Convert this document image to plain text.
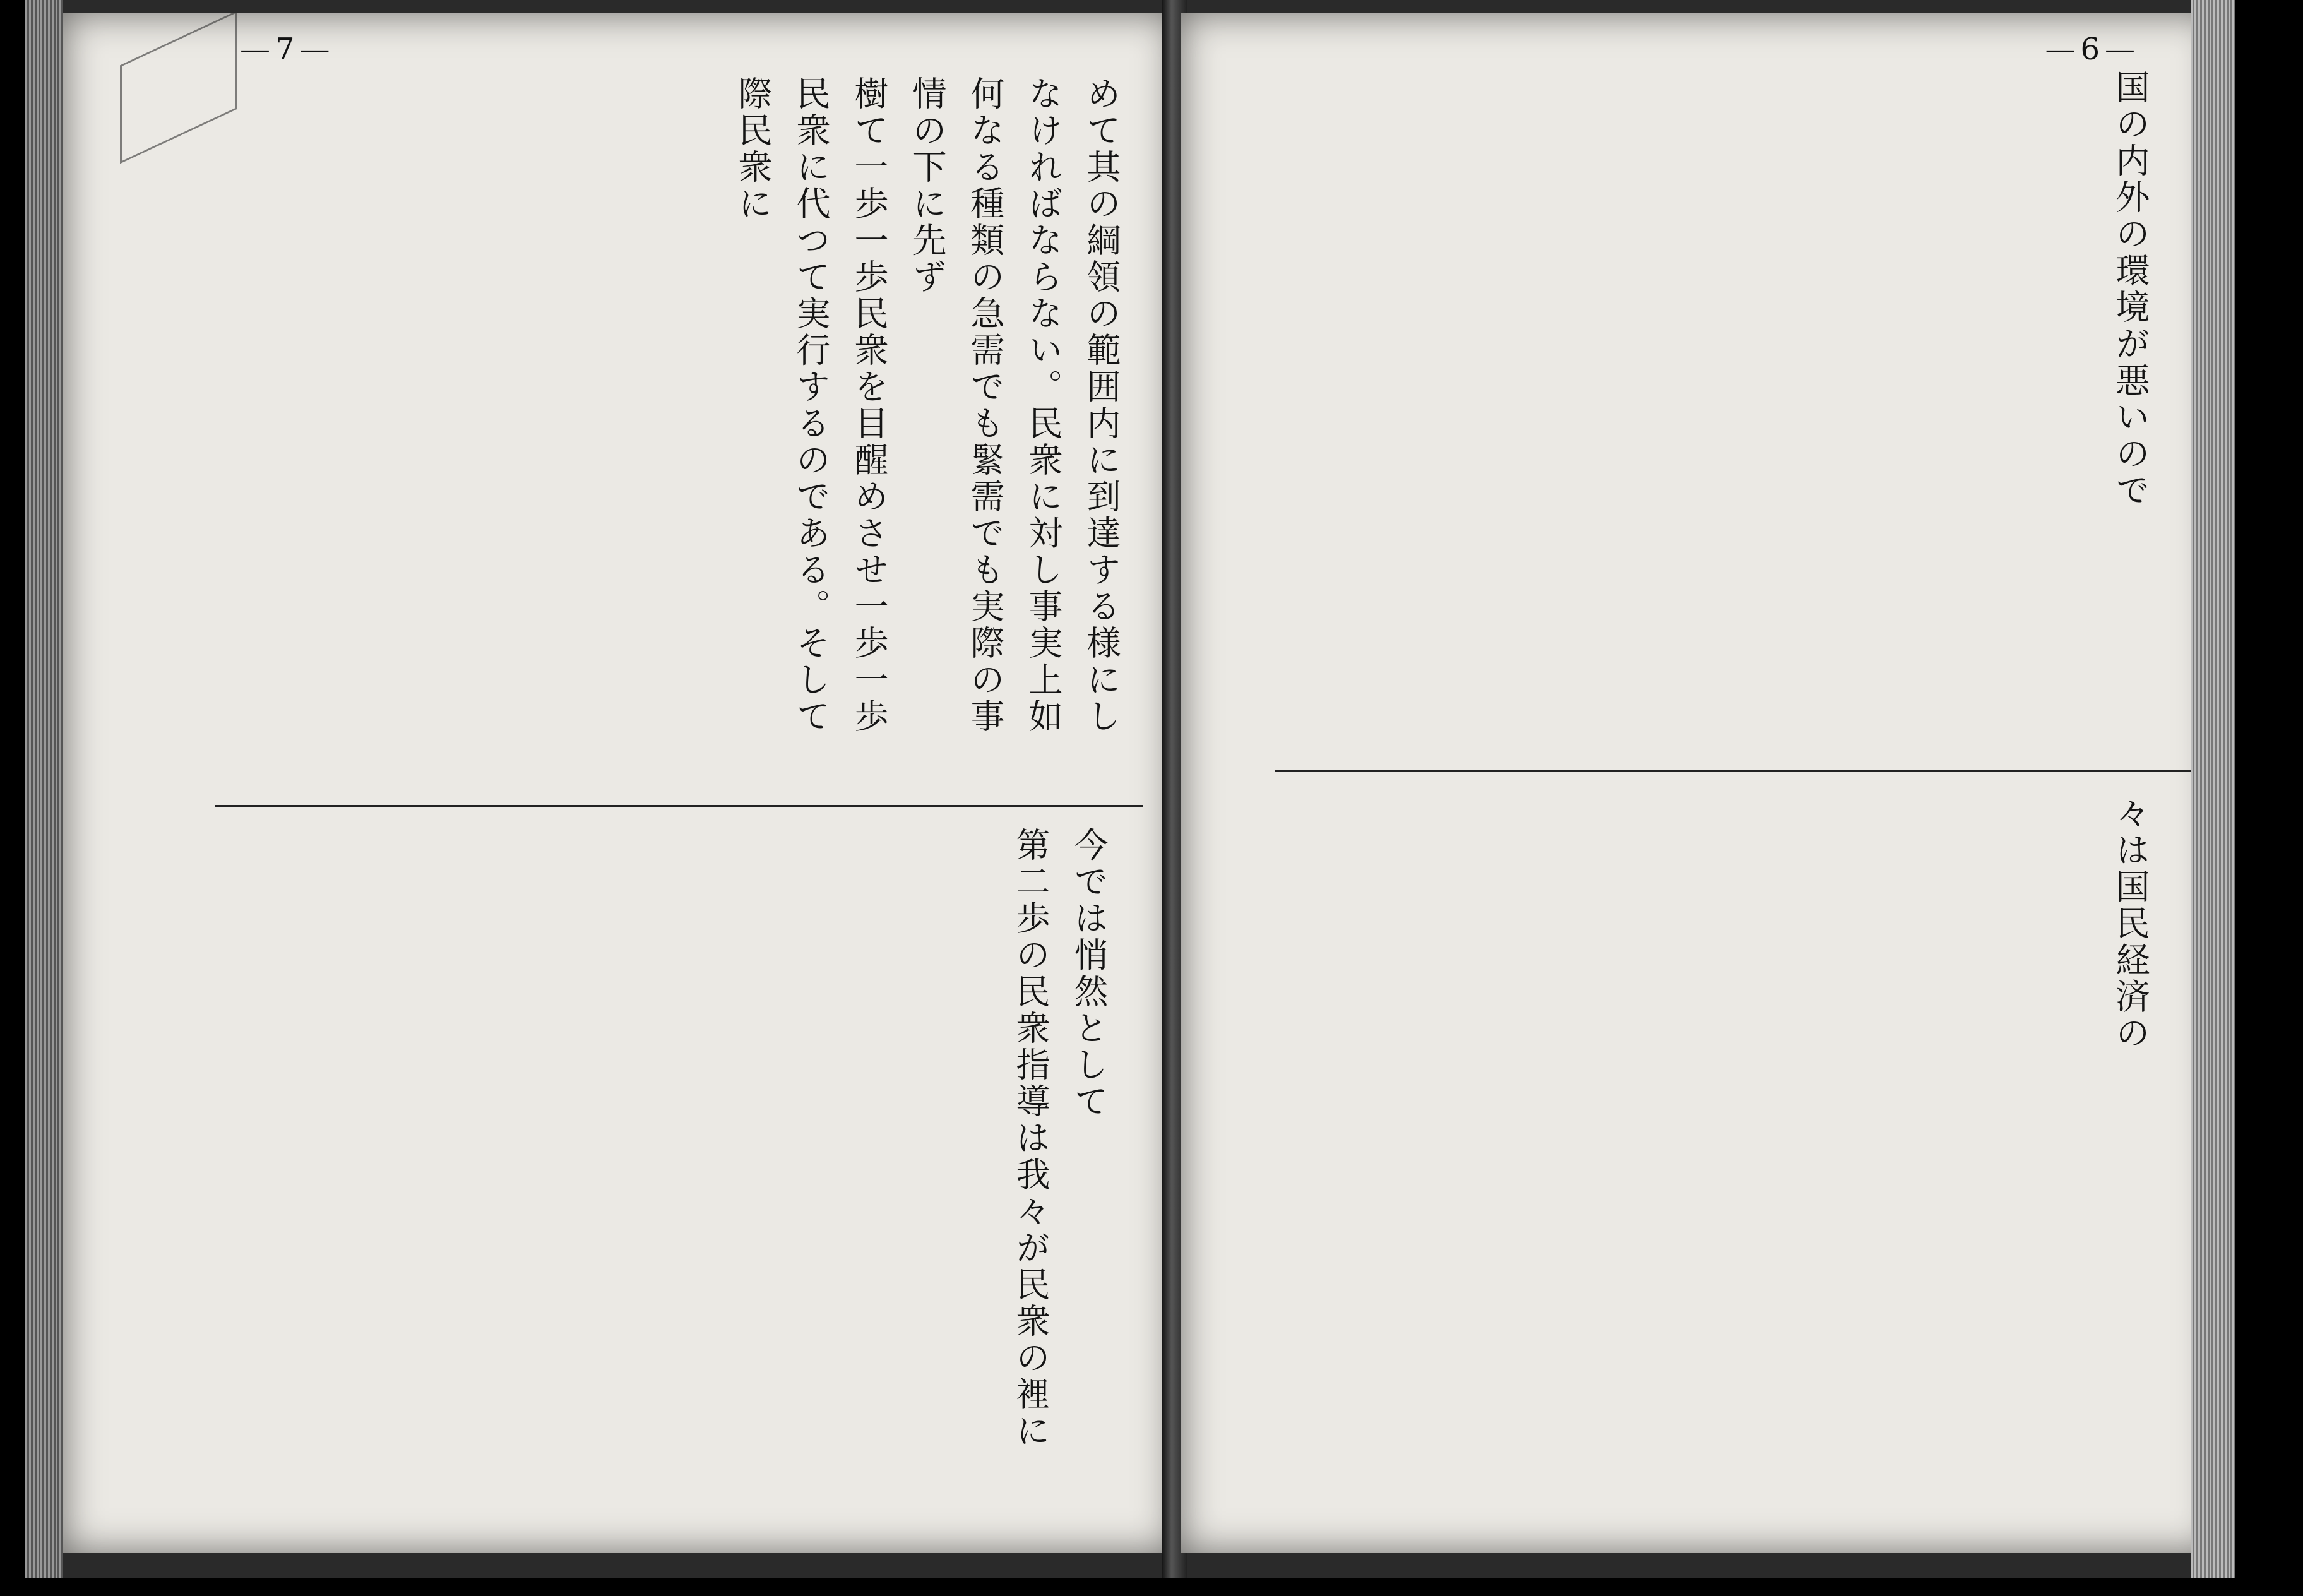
—7—
めて其の綱領の範囲内に到達する様にし
なければならない。民衆に対し事実上如
何なる種類の急需でも緊需でも実際の事
情の下に先ず
樹て一歩一歩民衆を目醒めさせ一歩一歩
民衆に代つて実行するのである。そして
際民衆に
今では悄然として
第二歩の民衆指導は我々が民衆の裡に
—6—
国の内外の環境が悪いので
々は国民経済の
